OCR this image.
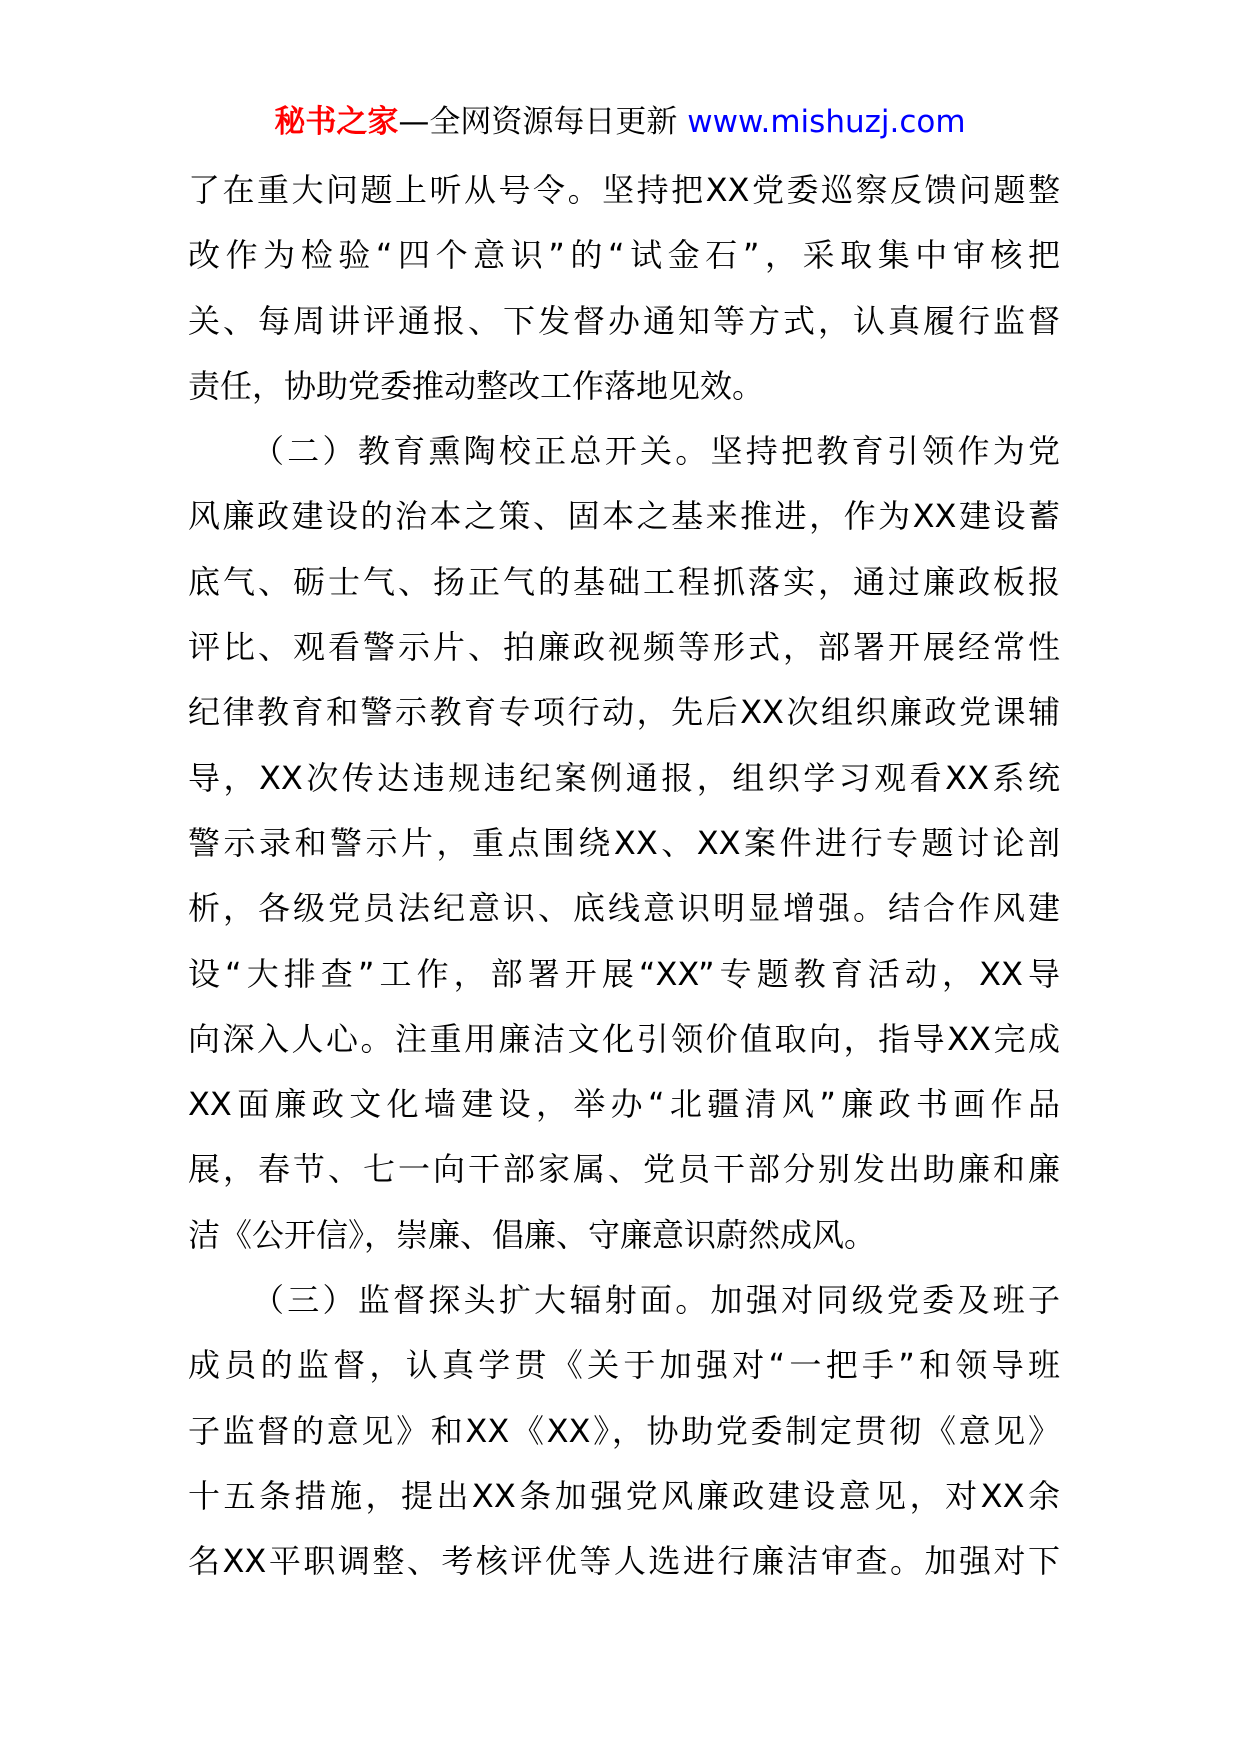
秘书之家—全网资源每日更新 www.mishuzj.com
了在重大问题上听从号令。坚持把XX党委巡察反馈问题整
改作为检验“四个意识”的“试金石”，采取集中审核把
关、每周讲评通报、下发督办通知等方式，认真履行监督
责任，协助党委推动整改工作落地见效。
（二）教育熏陶校正总开关。坚持把教育引领作为党
风廉政建设的治本之策、固本之基来推进，作为XX建设蓄
底气、砺士气、扬正气的基础工程抓落实，通过廉政板报
评比、观看警示片、拍廉政视频等形式，部署开展经常性
纪律教育和警示教育专项行动，先后XX次组织廉政党课辅
导，XX次传达违规违纪案例通报，组织学习观看XX系统
警示录和警示片，重点围绕XX、XX案件进行专题讨论剖
析，各级党员法纪意识、底线意识明显增强。结合作风建
设“大排查”工作，部署开展“XX”专题教育活动，XX导
向深入人心。注重用廉洁文化引领价值取向，指导XX完成
XX面廉政文化墙建设，举办“北疆清风”廉政书画作品
展，春节、七一向干部家属、党员干部分别发出助廉和廉
洁《公开信》，崇廉、倡廉、守廉意识蔚然成风。
（三）监督探头扩大辐射面。加强对同级党委及班子
成员的监督，认真学贯《关于加强对“一把手”和领导班
子监督的意见》和XX《XX》，协助党委制定贯彻《意见》
十五条措施，提出XX条加强党风廉政建设意见，对XX余
名XX平职调整、考核评优等人选进行廉洁审查。加强对下
